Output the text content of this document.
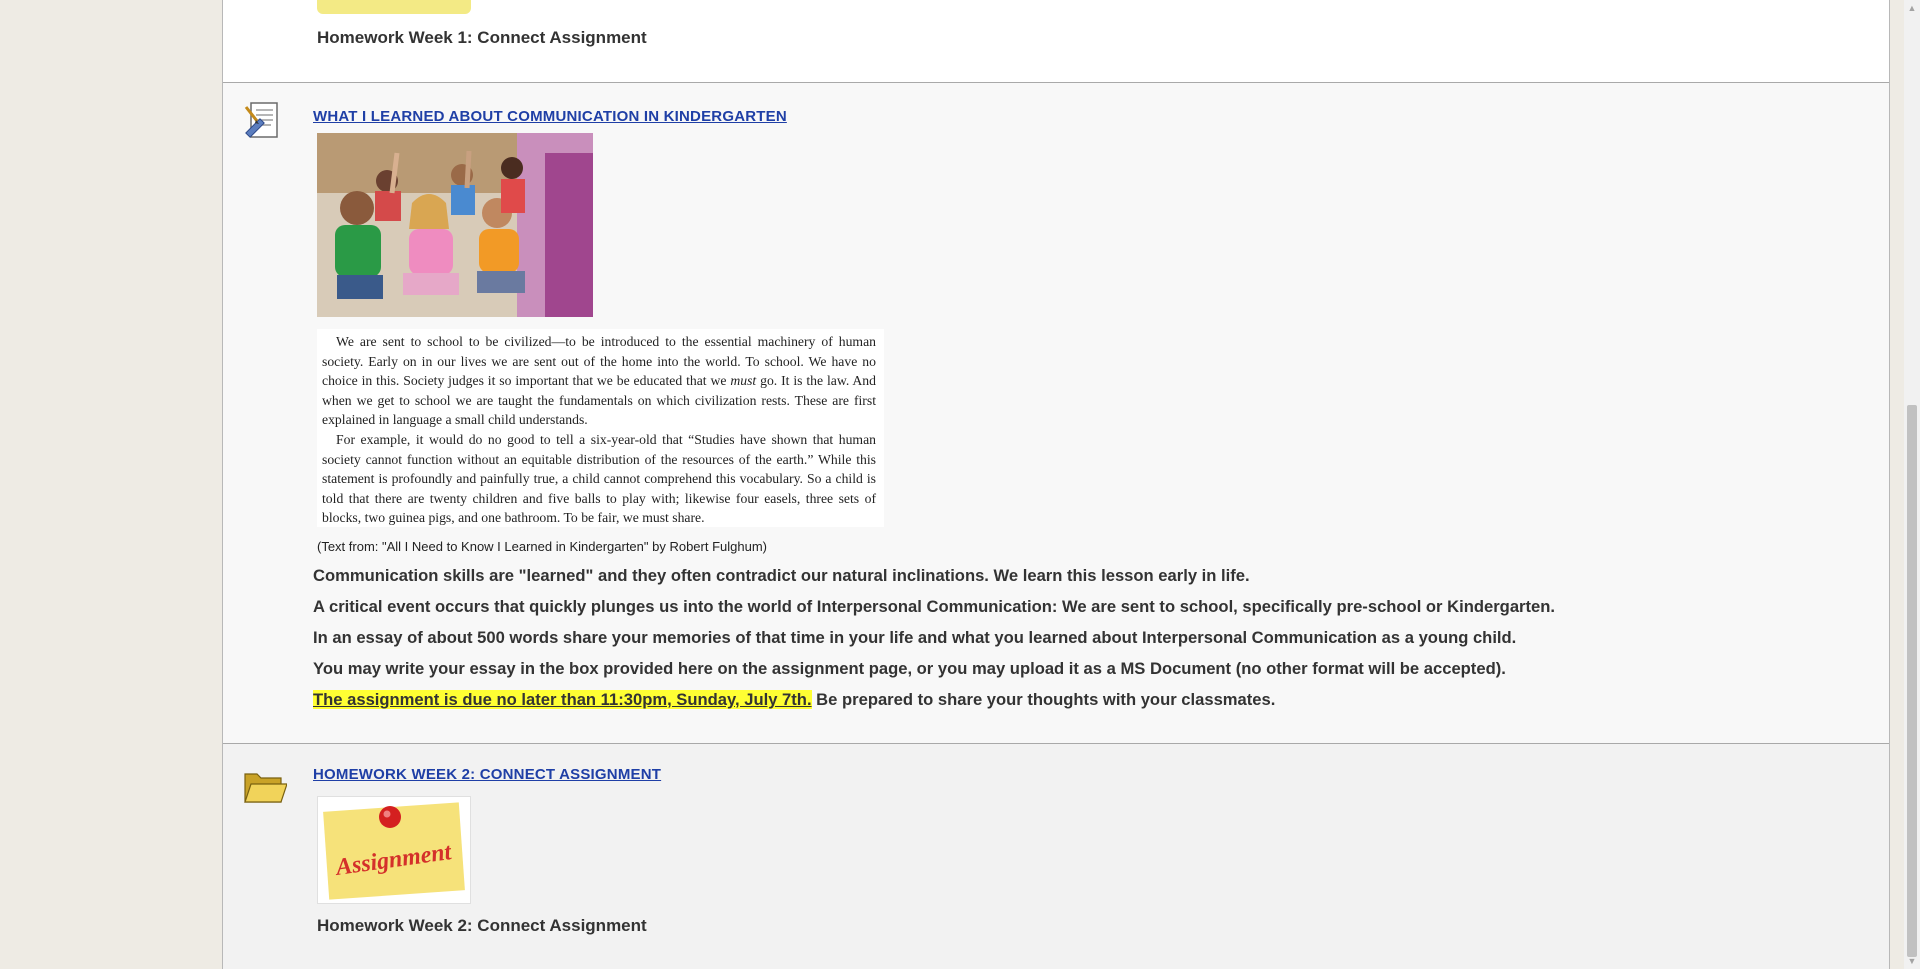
Homework Week 1: Connect Assignment
WHAT I LEARNED ABOUT COMMUNICATION IN KINDERGARTEN

We are sent to school to be civilized—to be introduced to the essential machinery of human society. Early on in our lives we are sent out of the home into the world. To school. We have no choice in this. Society judges it so important that we be educated that we must go. It is the law. And when we get to school we are taught the fundamentals on which civilization rests. These are first explained in language a small child understands.

For example, it would do no good to tell a six-year-old that “Studies have shown that human society cannot function without an equitable distribution of the resources of the earth.” While this statement is profoundly and painfully true, a child cannot comprehend this vocabulary. So a child is told that there are twenty children and five balls to play with; likewise four easels, three sets of blocks, two guinea pigs, and one bathroom. To be fair, we must share.

(Text from: "All I Need to Know I Learned in Kindergarten" by Robert Fulghum)
Communication skills are "learned" and they often contradict our natural inclinations. We learn this lesson early in life.
A critical event occurs that quickly plunges us into the world of Interpersonal Communication: We are sent to school, specifically pre-school or Kindergarten.
In an essay of about 500 words share your memories of that time in your life and what you learned about Interpersonal Communication as a young child.
You may write your essay in the box provided here on the assignment page, or you may upload it as a MS Document (no other format will be accepted).
The assignment is due no later than 11:30pm, Sunday, July 7th. Be prepared to share your thoughts with your classmates.
HOMEWORK WEEK 2: CONNECT ASSIGNMENT
Assignment
Homework Week 2: Connect Assignment
▲
▼
